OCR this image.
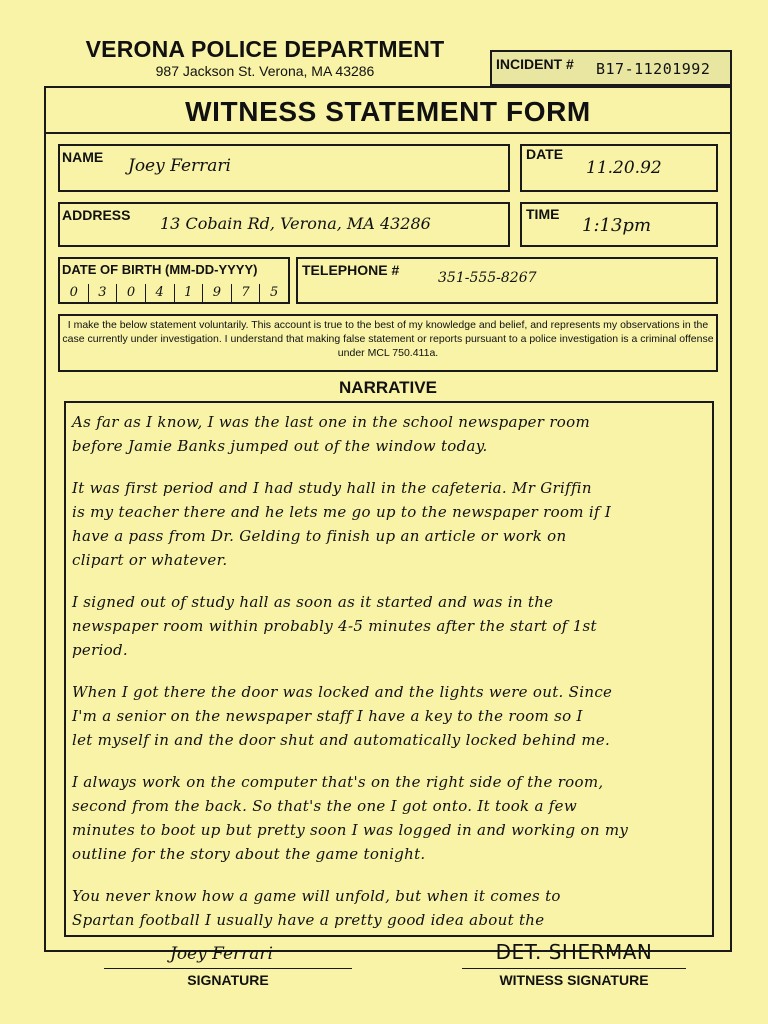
VERONA POLICE DEPARTMENT
987 Jackson St. Verona, MA 43286	INCIDENT # B17-11201992
WITNESS STATEMENT FORM
NAME Joey Ferrari
DATE
11.20.92
ADDRESS 13 Cobain Rd, Verona, MA 43286	TIME
1:13pm
DATE OF BIRTH (MM-DD-YYYY)
0	3	0	4	1	9	7	5
TELEPHONE #	351-555-8267
I make the below statement voluntarily. This account is true to the best of my knowledge and belief, and represents my observations in the case currently under investigation. I understand that making false statement or reports pursuant to a police investigation is a criminal offense under MCL 750.411a.
NARRATIVE
As far as I know, I was the last one in the school newspaper room
before Jamie Banks jumped out of the window today.
It was first period and I had study hall in the cafeteria. Mr Griffin
is my teacher there and he lets me go up to the newspaper room if I
have a pass from Dr. Gelding to finish up an article or work on
clipart or whatever.
I signed out of study hall as soon as it started and was in the
newspaper room within probably 4-5 minutes after the start of 1st
period.
When I got there the door was locked and the lights were out. Since
I'm a senior on the newspaper staff I have a key to the room so I
let myself in and the door shut and automatically locked behind me.
I always work on the computer that's on the right side of the room,
second from the back. So that's the one I got onto. It took a few
minutes to boot up but pretty soon I was logged in and working on my
outline for the story about the game tonight.
You never know how a game will unfold, but when it comes to
Spartan football I usually have a pretty good idea about the
Joey Ferrari
SIGNATURE
DET. SHERMAN
WITNESS SIGNATURE
